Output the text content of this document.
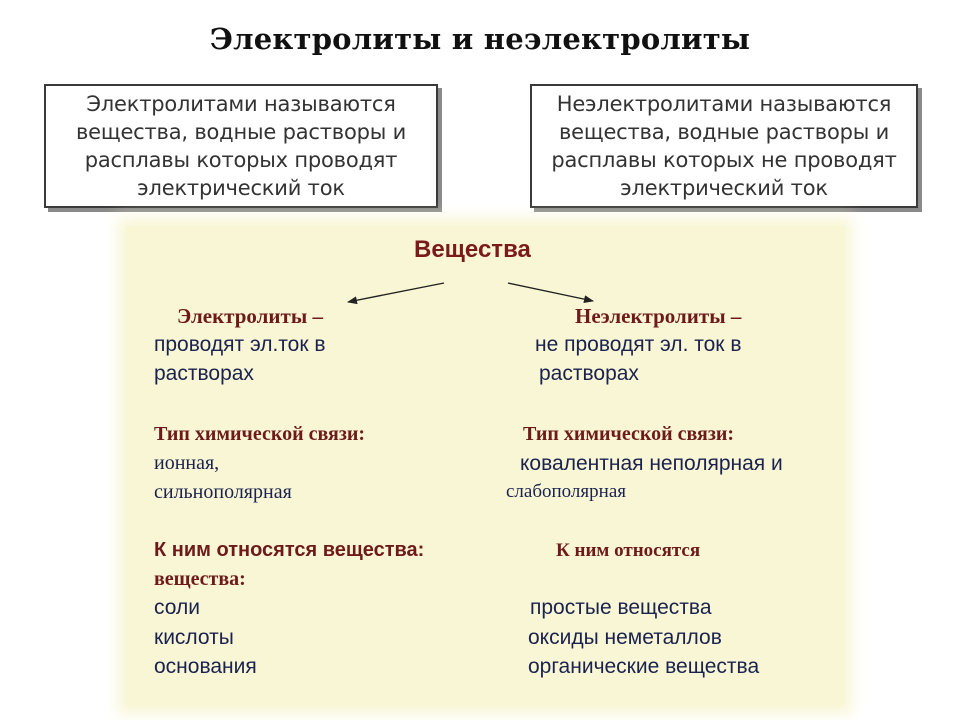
Электролиты и неэлектролиты
Электролитами называются
вещества, водные растворы и
расплавы которых проводят
электрический ток
Неэлектролитами называются
вещества, водные растворы и
расплавы которых не проводят
электрический ток
Вещества
Электролиты –
проводят эл.ток в
растворах
Тип химической связи:
ионная,
сильнополярная
К ним относятся вещества:
вещества:
соли
кислоты
основания
Неэлектролиты –
не проводят эл. ток в
растворах
Тип химической связи:
ковалентная неполярная и
слабополярная
К ним относятся
простые вещества
оксиды неметаллов
органические вещества
